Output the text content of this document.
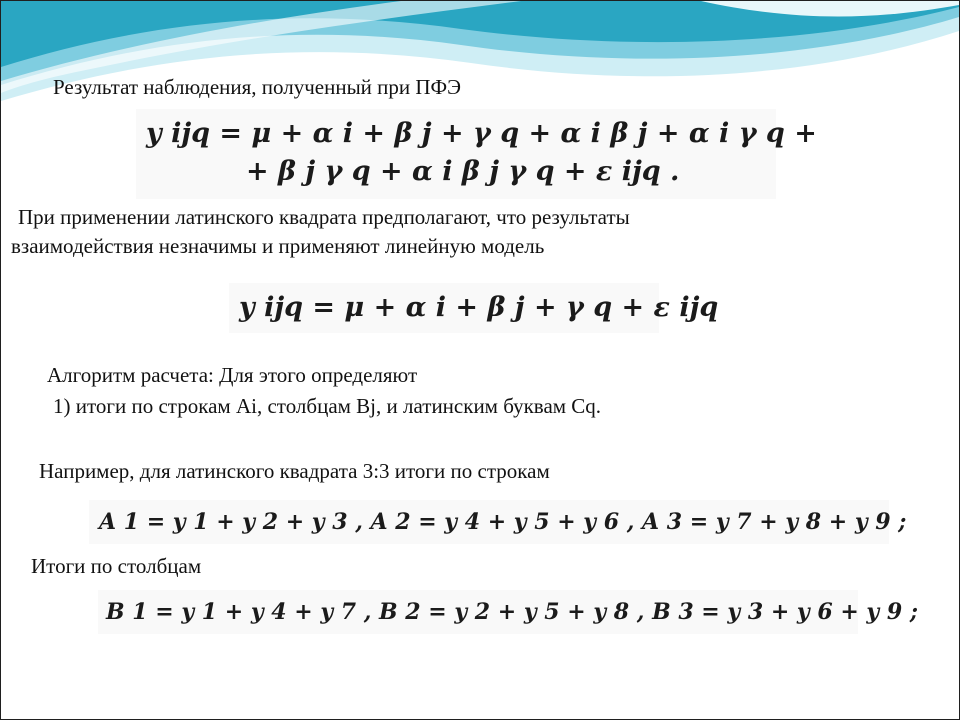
Результат наблюдения, полученный при ПФЭ

y ijq = μ + α i + β j + γ q + α i β j + α i γ q +
+ β j γ q + α i β j γ q + ε ijq .

При применении латинского квадрата предполагают, что результаты

взаимодействия незначимы и применяют линейную модель

y ijq = μ + α i + β j + γ q + ε ijq

Алгоритм расчета: Для этого определяют

1) итоги по строкам Ai, столбцам Bj, и латинским буквам Cq.

Например, для латинского квадрата 3:3 итоги по строкам

A 1 = y 1 + y 2 + y 3 , A 2 = y 4 + y 5 + y 6 , A 3 = y 7 + y 8 + y 9 ;

Итоги по столбцам

B 1 = y 1 + y 4 + y 7 , B 2 = y 2 + y 5 + y 8 , B 3 = y 3 + y 6 + y 9 ;
